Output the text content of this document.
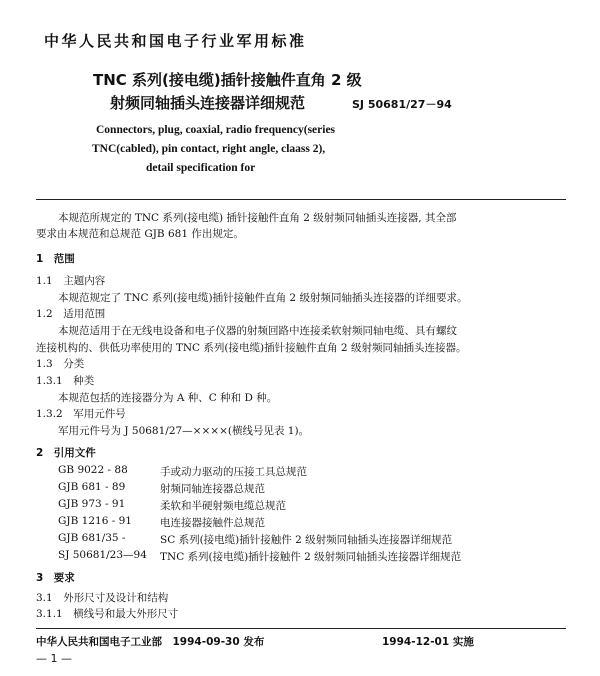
中华人民共和国电子行业军用标准
TNC 系列(接电缆)插针接触件直角 2 级
射频同轴插头连接器详细规范	SJ 50681/27－94
Connectors, plug, coaxial, radio frequency(series
TNC(cabled), pin contact, right angle, claass 2),
detail specification for
本规范所规定的 TNC 系列(接电缆) 插针接触件直角 2 级射频同轴插头连接器, 其全部
要求由本规范和总规范 GJB 681 作出规定。
1　范围
1.1　主题内容
本规范规定了 TNC 系列(接电缆)插针接触件直角 2 级射频同轴插头连接器的详细要求。
1.2　适用范围
本规范适用于在无线电设备和电子仪器的射频回路中连接柔软射频同轴电缆、具有螺纹
连接机构的、供低功率使用的 TNC 系列(接电缆)插针接触件直角 2 级射频同轴插头连接器。
1.3　分类
1.3.1　种类
本规范包括的连接器分为 A 种、C 种和 D 种。
1.3.2　军用元件号
军用元件号为 J 50681/27—××××(横线号见表 1)。
2　引用文件
GB 9022 - 88	手或动力驱动的压接工具总规范
GJB 681 - 89	射频同轴连接器总规范
GJB 973 - 91	柔软和半硬射频电缆总规范
GJB 1216 - 91	电连接器接触件总规范
GJB 681/35 -	SC 系列(接电缆)插针接触件 2 级射频同轴插头连接器详细规范
SJ 50681/23—94 TNC 系列(接电缆)插针接触件 2 级射频同轴插头连接器详细规范
3　要求
3.1　外形尺寸及设计和结构
3.1.1　横线号和最大外形尺寸
中华人民共和国电子工业部　1994-09-30 发布	1994-12-01 实施
— 1 —
